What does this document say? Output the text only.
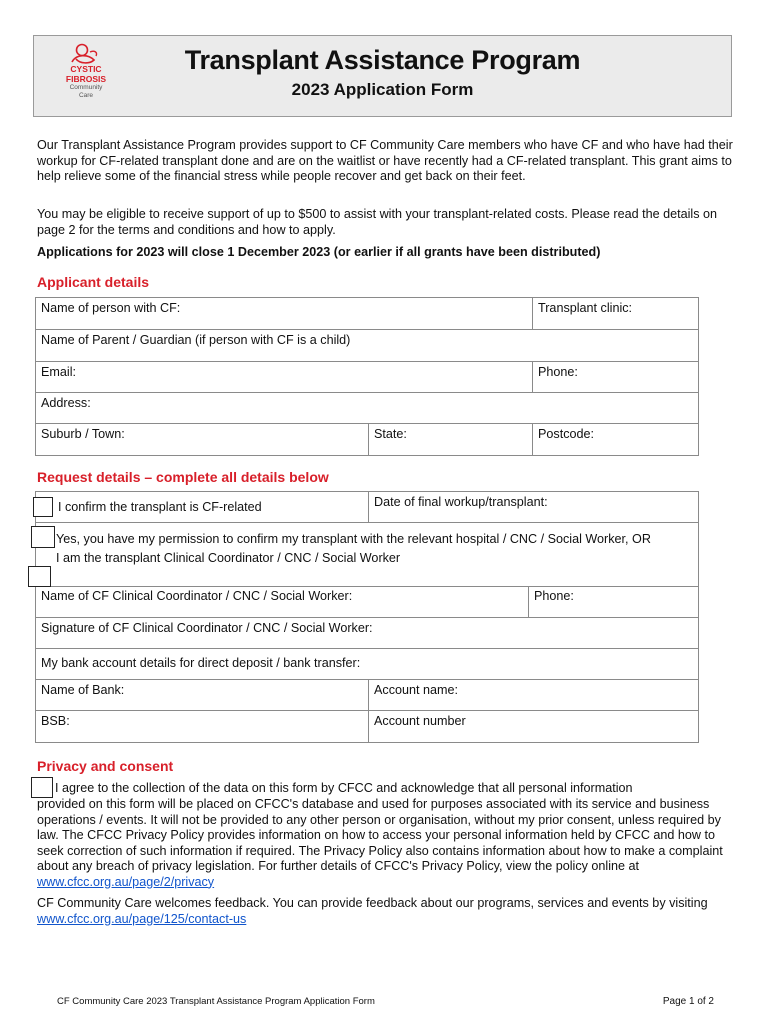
CYSTIC
FIBROSIS
Community
Care
Transplant Assistance Program
2023 Application Form

Our Transplant Assistance Program provides support to CF Community Care members who have CF and who have had their workup for CF-related transplant done and are on the waitlist or have recently had a CF-related transplant. This grant aims to help relieve some of the financial stress while people recover and get back on their feet.

You may be eligible to receive support of up to $500 to assist with your transplant-related costs. Please read the details on page 2 for the terms and conditions and how to apply.

Applications for 2023 will close 1 December 2023 (or earlier if all grants have been distributed)

Applicant details

Name of person with CF:		Transplant clinic:
Name of Parent / Guardian (if person with CF is a child)		
Email:		Phone:
Address:		
Suburb / Town:	State:	Postcode:

Request details – complete all details below

I confirm the transplant is CF-related	Date of final workup/transplant:	

Yes, you have my permission to confirm my transplant with the relevant hospital / CNC / Social Worker, OR
I am the transplant Clinical Coordinator / CNC / Social Worker		

Name of CF Clinical Coordinator / CNC / Social Worker:		Phone:
Signature of CF Clinical Coordinator / CNC / Social Worker:		
My bank account details for direct deposit / bank transfer:		
Name of Bank:	Account name:	
BSB:	Account number	

Privacy and consent

I agree to the collection of the data on this form by CFCC and acknowledge that all personal information

provided on this form will be placed on CFCC's database and used for purposes associated with its service and business operations / events. It will not be provided to any other person or organisation, without my prior consent, unless required by law. The CFCC Privacy Policy provides information on how to access your personal information held by CFCC and how to seek correction of such information if required. The Privacy Policy also contains information about how to make a complaint about any breach of privacy legislation. For further details of CFCC's Privacy Policy, view the policy online at www.cfcc.org.au/page/2/privacy

CF Community Care welcomes feedback. You can provide feedback about our programs, services and events by visiting www.cfcc.org.au/page/125/contact-us

CF Community Care 2023 Transplant Assistance Program Application Form	Page 1 of 2
